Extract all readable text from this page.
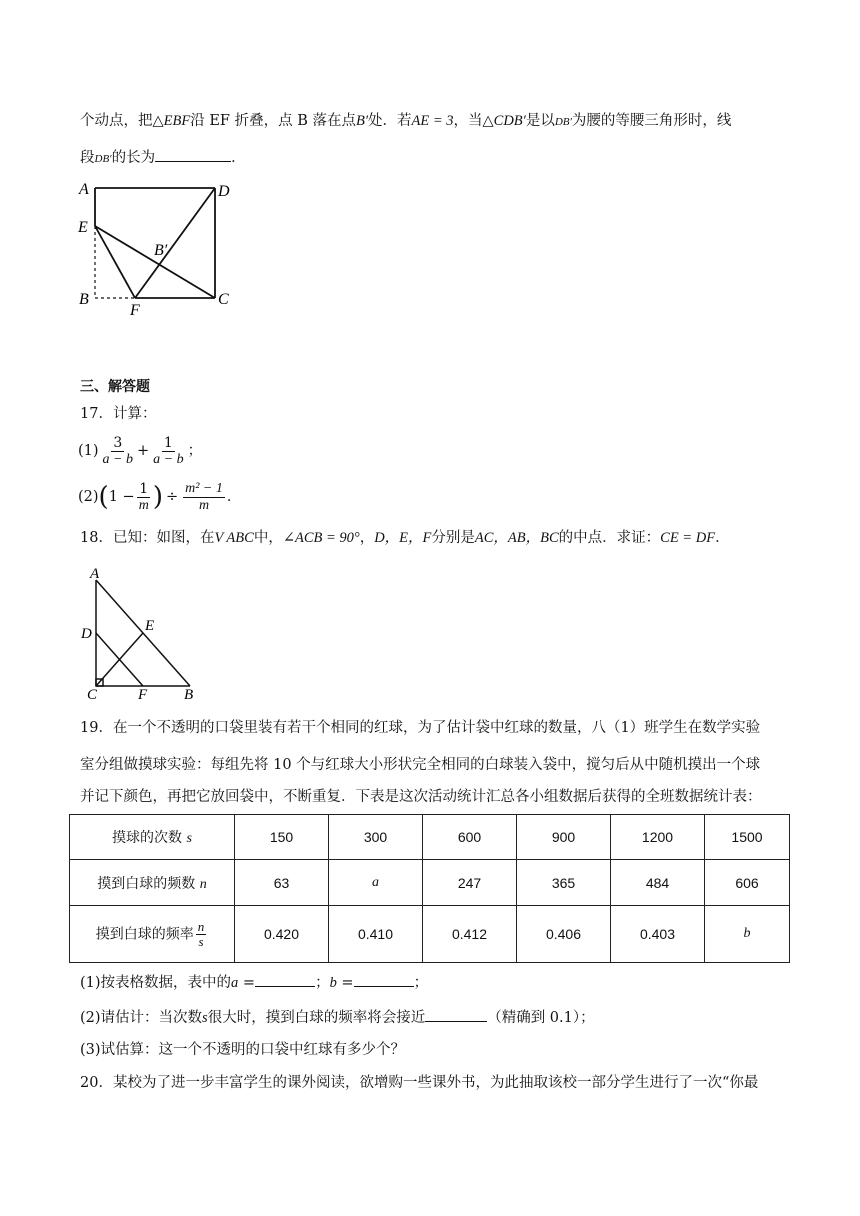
个动点，把△EBF沿 EF 折叠，点 B 落在点B′处．若AE = 3，当△CDB′是以DB′为腰的等腰三角形时，线
段DB′的长为	．
A	D
E
B′
B
F
C
三、解答题
17．计算：
$(1) \frac{3}{a - b} + \frac{1}{a - b}$ ；
(2) ( $1 - \frac{1}{m}$ ) ÷ $\frac{\text{m² − 1}}{m}$ ．
18．已知：如图，在V ABC中，∠ACB = 90°，D，E，F分别是AC，AB，BC的中点．求证：CE = DF．
A
D	E
C	F B
19．在一个不透明的口袋里装有若干个相同的红球，为了估计袋中红球的数量，八（1）班学生在数学实验
室分组做摸球实验：每组先将 10 个与红球大小形状完全相同的白球装入袋中，搅匀后从中随机摸出一个球
并记下颜色，再把它放回袋中，不断重复．下表是这次活动统计汇总各小组数据后获得的全班数据统计表：
摸球的次数 s	150	300	600	900	1200	1500
摸到白球的频数 n	63	a	247	365	484	606
摸到白球的频率 $\frac{n}{s}$	0.420	0.410	0.412	0.406	0.403	b
(1)按表格数据，表中的a =	；b =	；
(2)请估计：当次数s很大时，摸到白球的频率将会接近	（精确到 0.1）；
(3)试估算：这一个不透明的口袋中红球有多少个？
20．某校为了进一步丰富学生的课外阅读，欲增购一些课外书，为此抽取该校一部分学生进行了一次“你最
